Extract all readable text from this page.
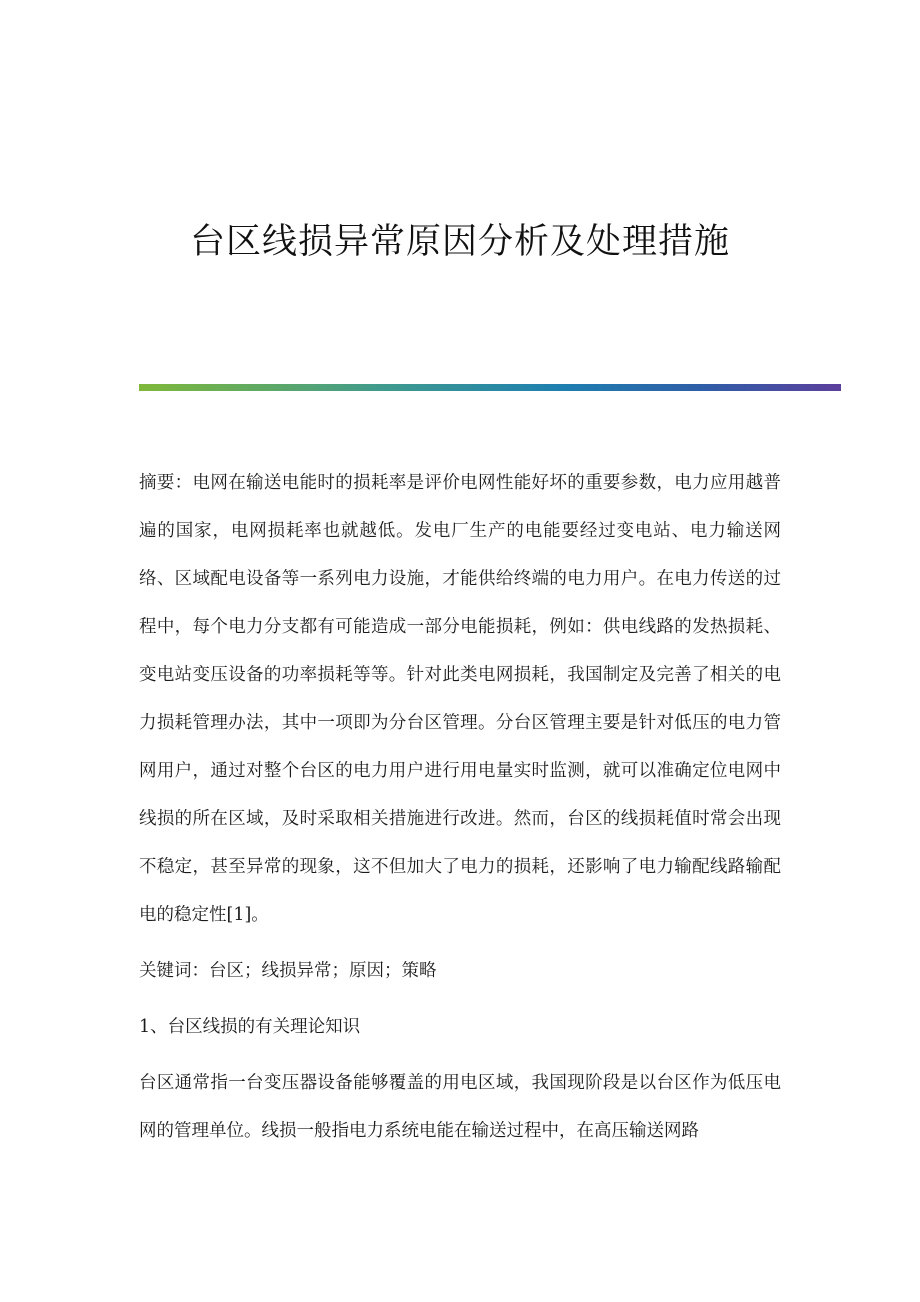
台区线损异常原因分析及处理措施

摘要：电网在输送电能时的损耗率是评价电网性能好坏的重要参数，电力应用越普遍的国家，电网损耗率也就越低。发电厂生产的电能要经过变电站、电力输送网络、区域配电设备等一系列电力设施，才能供给终端的电力用户。在电力传送的过程中，每个电力分支都有可能造成一部分电能损耗，例如：供电线路的发热损耗、变电站变压设备的功率损耗等等。针对此类电网损耗，我国制定及完善了相关的电力损耗管理办法，其中一项即为分台区管理。分台区管理主要是针对低压的电力管网用户，通过对整个台区的电力用户进行用电量实时监测，就可以准确定位电网中线损的所在区域，及时采取相关措施进行改进。然而，台区的线损耗值时常会出现不稳定，甚至异常的现象，这不但加大了电力的损耗，还影响了电力输配线路输配电的稳定性[1]。

关键词：台区；线损异常；原因；策略

1、台区线损的有关理论知识

台区通常指一台变压器设备能够覆盖的用电区域，我国现阶段是以台区作为低压电网的管理单位。线损一般指电力系统电能在输送过程中，在高压输送网路
